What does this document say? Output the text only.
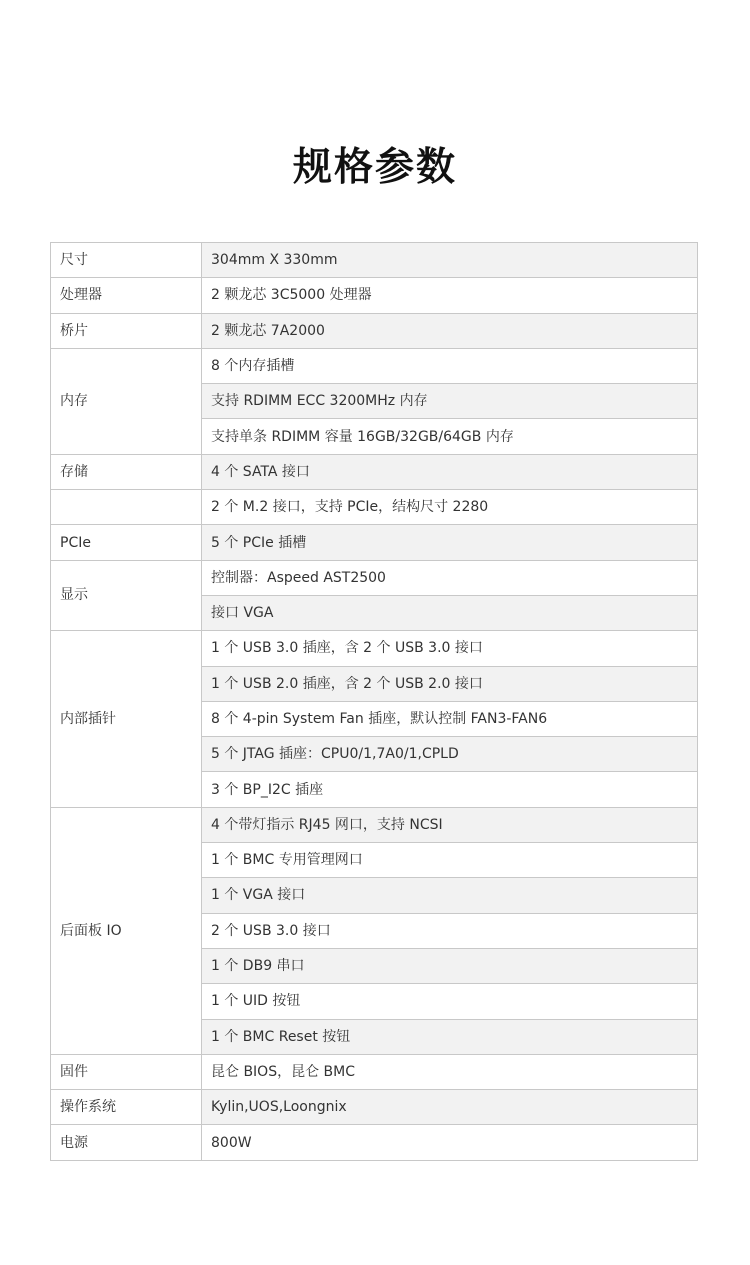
规格参数
尺寸	304mm X 330mm
处理器	2 颗龙芯 3C5000 处理器
桥片	2 颗龙芯 7A2000
内存	8 个内存插槽
	支持 RDIMM ECC 3200MHz 内存
	支持单条 RDIMM 容量 16GB/32GB/64GB 内存
存储	4 个 SATA 接口
	2 个 M.2 接口，支持 PCIe，结构尺寸 2280
PCIe	5 个 PCIe 插槽
显示	控制器：Aspeed AST2500
	接口 VGA
内部插针	1 个 USB 3.0 插座，含 2 个 USB 3.0 接口
	1 个 USB 2.0 插座，含 2 个 USB 2.0 接口
	8 个 4-pin System Fan 插座，默认控制 FAN3-FAN6
	5 个 JTAG 插座：CPU0/1,7A0/1,CPLD
	3 个 BP_I2C 插座
后面板 IO	4 个带灯指示 RJ45 网口，支持 NCSI
	1 个 BMC 专用管理网口
	1 个 VGA 接口
	2 个 USB 3.0 接口
	1 个 DB9 串口
	1 个 UID 按钮
	1 个 BMC Reset 按钮
固件	昆仑 BIOS，昆仑 BMC
操作系统	Kylin,UOS,Loongnix
电源	800W
